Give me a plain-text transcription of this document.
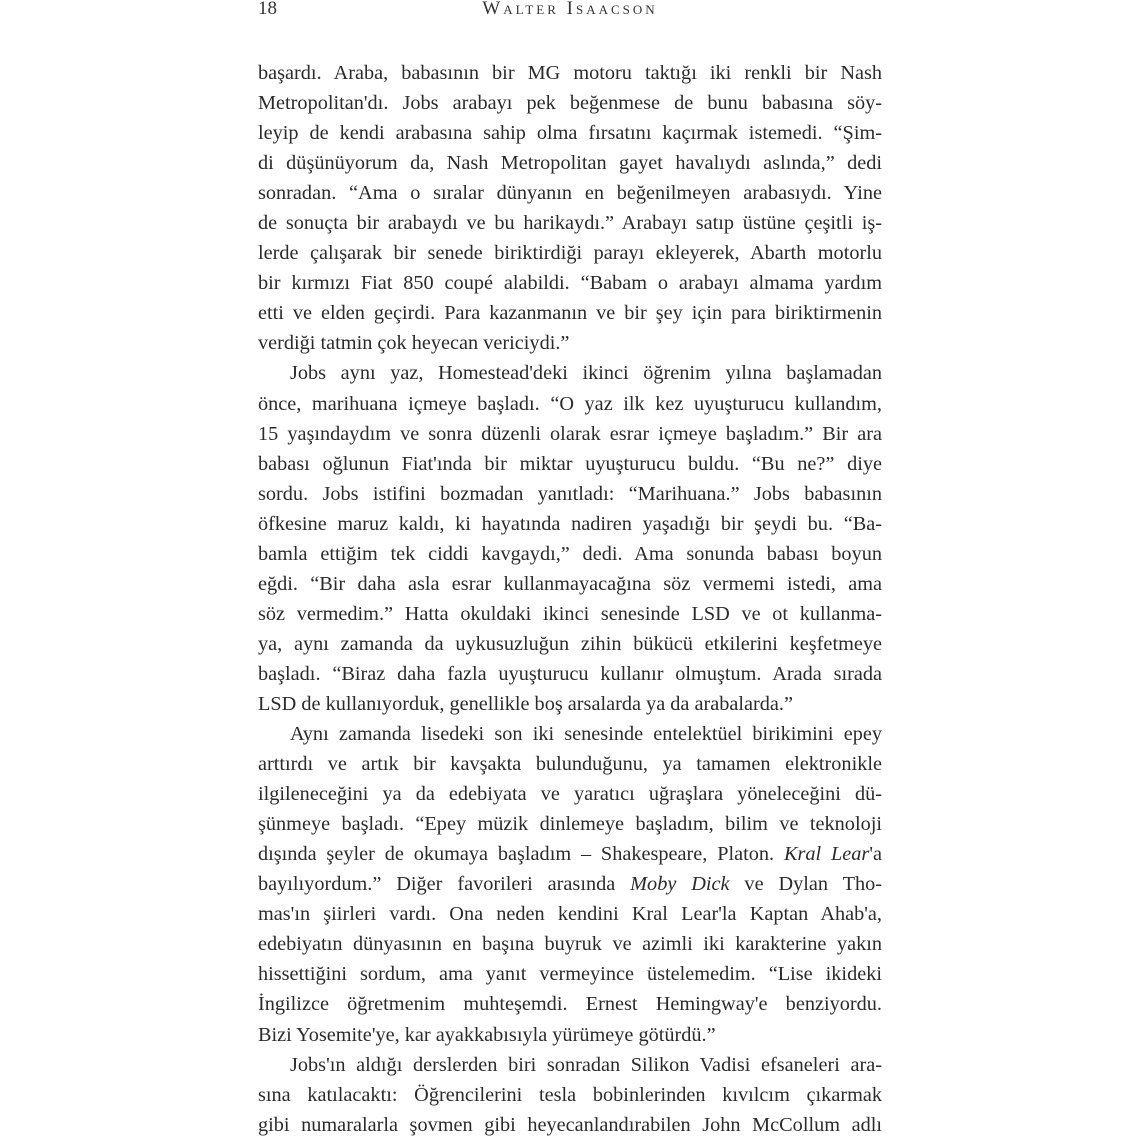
18	Walter Isaacson
başardı. Araba, babasının bir MG motoru taktığı iki renkli bir Nash
Metropolitan'dı. Jobs arabayı pek beğenmese de bunu babasına söy-
leyip de kendi arabasına sahip olma fırsatını kaçırmak istemedi. “Şim-
di düşünüyorum da, Nash Metropolitan gayet havalıydı aslında,” dedi
sonradan. “Ama o sıralar dünyanın en beğenilmeyen arabasıydı. Yine
de sonuçta bir arabaydı ve bu harikaydı.” Arabayı satıp üstüne çeşitli iş-
lerde çalışarak bir senede biriktirdiği parayı ekleyerek, Abarth motorlu
bir kırmızı Fiat 850 coupé alabildi. “Babam o arabayı almama yardım
etti ve elden geçirdi. Para kazanmanın ve bir şey için para biriktirmenin
verdiği tatmin çok heyecan vericiydi.”
Jobs aynı yaz, Homestead'deki ikinci öğrenim yılına başlamadan
önce, marihuana içmeye başladı. “O yaz ilk kez uyuşturucu kullandım,
15 yaşındaydım ve sonra düzenli olarak esrar içmeye başladım.” Bir ara
babası oğlunun Fiat'ında bir miktar uyuşturucu buldu. “Bu ne?” diye
sordu. Jobs istifini bozmadan yanıtladı: “Marihuana.” Jobs babasının
öfkesine maruz kaldı, ki hayatında nadiren yaşadığı bir şeydi bu. “Ba-
bamla ettiğim tek ciddi kavgaydı,” dedi. Ama sonunda babası boyun
eğdi. “Bir daha asla esrar kullanmayacağına söz vermemi istedi, ama
söz vermedim.” Hatta okuldaki ikinci senesinde LSD ve ot kullanma-
ya, aynı zamanda da uykusuzluğun zihin bükücü etkilerini keşfetmeye
başladı. “Biraz daha fazla uyuşturucu kullanır olmuştum. Arada sırada
LSD de kullanıyorduk, genellikle boş arsalarda ya da arabalarda.”
Aynı zamanda lisedeki son iki senesinde entelektüel birikimini epey
arttırdı ve artık bir kavşakta bulunduğunu, ya tamamen elektronikle
ilgileneceğini ya da edebiyata ve yaratıcı uğraşlara yöneleceğini dü-
şünmeye başladı. “Epey müzik dinlemeye başladım, bilim ve teknoloji
dışında şeyler de okumaya başladım – Shakespeare, Platon. Kral Lear'a
bayılıyordum.” Diğer favorileri arasında Moby Dick ve Dylan Tho-
mas'ın şiirleri vardı. Ona neden kendini Kral Lear'la Kaptan Ahab'a,
edebiyatın dünyasının en başına buyruk ve azimli iki karakterine yakın
hissettiğini sordum, ama yanıt vermeyince üstelemedim. “Lise ikideki
İngilizce öğretmenim muhteşemdi. Ernest Hemingway'e benziyordu.
Bizi Yosemite'ye, kar ayakkabısıyla yürümeye götürdü.”
Jobs'ın aldığı derslerden biri sonradan Silikon Vadisi efsaneleri ara-
sına katılacaktı: Öğrencilerini tesla bobinlerinden kıvılcım çıkarmak
gibi numaralarla şovmen gibi heyecanlandırabilen John McCollum adlı
